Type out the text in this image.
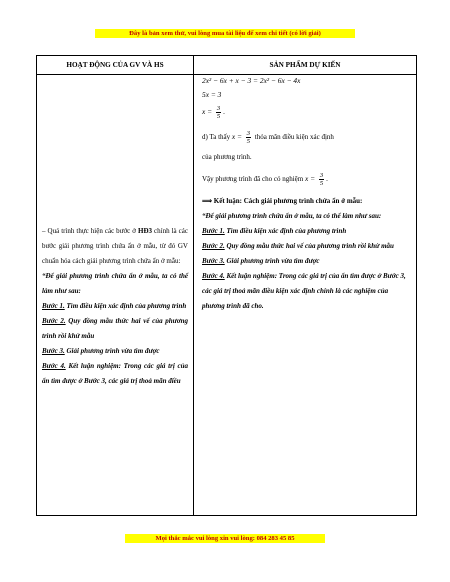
Đây là bản xem thử, vui lòng mua tài liệu để xem chi tiết (có lời giải)
HOẠT ĐỘNG CỦA GV VÀ HS	SẢN PHẨM DỰ KIẾN

2x² − 6x + x − 3 = 2x² − 6x − 4x

5x = 3

$x = \frac{3}{5}$ .

d) Ta thấy $x = \frac{3}{5}$ thỏa mãn điều kiện xác định

của phương trình.

Vậy phương trình đã cho có nghiệm $x = \frac{3}{5}$ .

⟹ Kết luận: Cách giải phương trình chứa ẩn ở mẫu:

“Để giải phương trình chứa ẩn ở mẫu, ta có thể làm như sau:

Bước 1. Tìm điều kiện xác định của phương trình

Bước 2. Quy đồng mẫu thức hai vế của phương trình rồi khử mẫu

Bước 3. Giải phương trình vừa tìm được

Bước 4. Kết luận nghiệm: Trong các giá trị của ẩn tìm được ở Bước 3, các giá trị thoả mãn điều kiện xác định chính là các nghiệm của phương trình đã cho.

– Quá trình thực hiện các bước ở HĐ3 chính là các bước giải phương trình chứa ẩn ở mẫu, từ đó GV chuẩn hóa cách giải phương trình chứa ẩn ở mẫu:

“Để giải phương trình chứa ẩn ở mẫu, ta có thể làm như sau:

Bước 1. Tìm điều kiện xác định của phương trình

Bước 2. Quy đồng mẫu thức hai vế của phương trình rồi khử mẫu

Bước 3. Giải phương trình vừa tìm được

Bước 4. Kết luận nghiệm: Trong các giá trị của ẩn tìm được ở Bước 3, các giá trị thoả mãn điều

Mọi thắc mắc vui lòng xin vui lòng: 084 283 45 85
